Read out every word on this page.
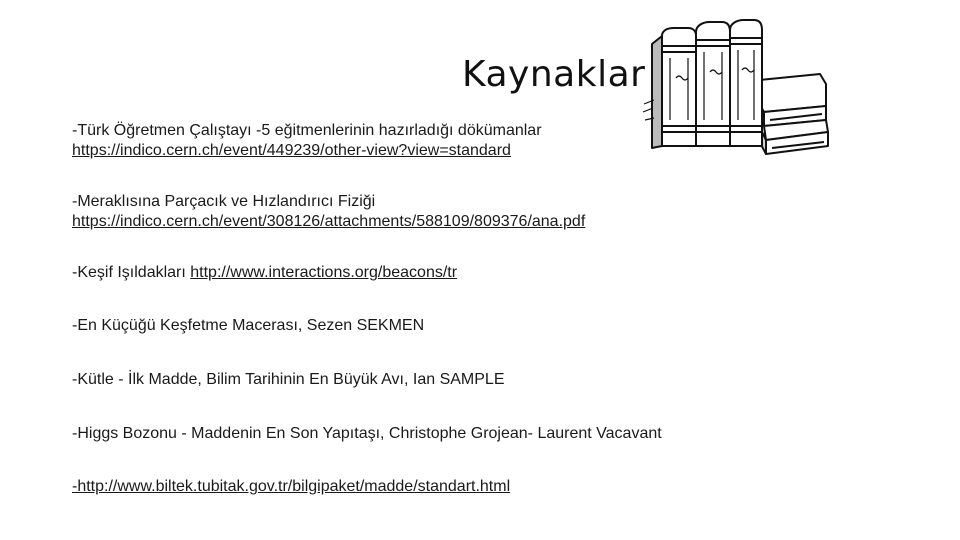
Kaynaklar
-Türk Öğretmen Çalıştayı -5 eğitmenlerinin hazırladığı dökümanlar
https://indico.cern.ch/event/449239/other-view?view=standard
-Meraklısına Parçacık ve Hızlandırıcı Fiziği
https://indico.cern.ch/event/308126/attachments/588109/809376/ana.pdf
-Keşif Işıldakları http://www.interactions.org/beacons/tr
-En Küçüğü Keşfetme Macerası, Sezen SEKMEN
-Kütle - İlk Madde, Bilim Tarihinin En Büyük Avı, Ian SAMPLE
-Higgs Bozonu - Maddenin En Son Yapıtaşı, Christophe Grojean- Laurent Vacavant
-http://www.biltek.tubitak.gov.tr/bilgipaket/madde/standart.html
